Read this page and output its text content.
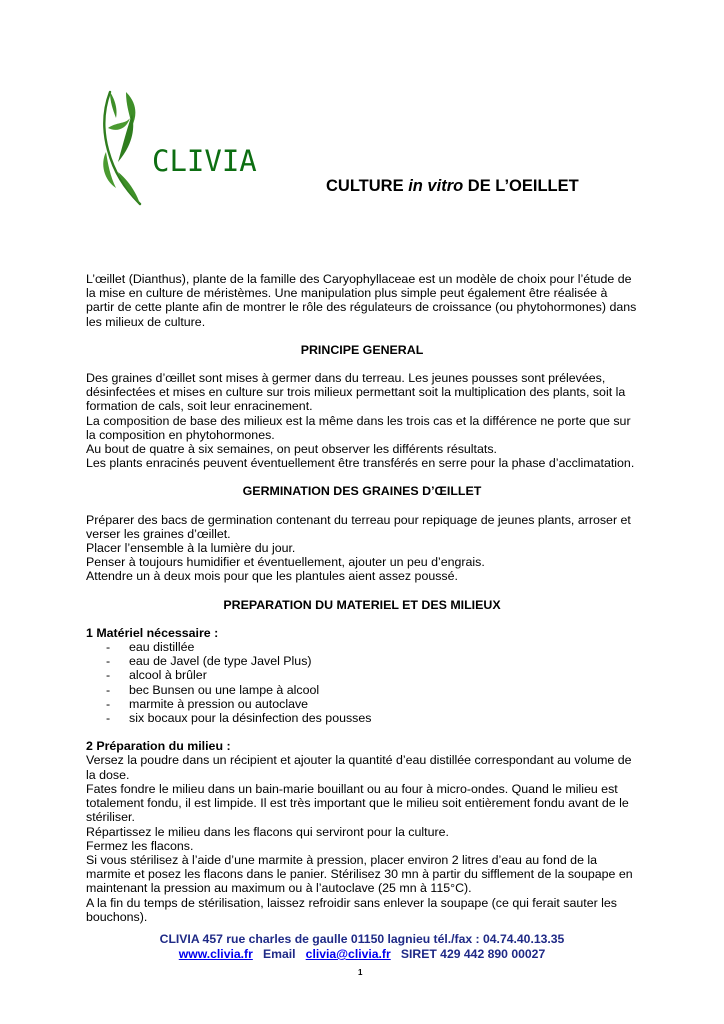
CLIVIA
CULTURE in vitro DE L’OEILLET

L’œillet (Dianthus), plante de la famille des Caryophyllaceae est un modèle de choix pour l’étude de la mise en culture de méristèmes. Une manipulation plus simple peut également être réalisée à partir de cette plante afin de montrer le rôle des régulateurs de croissance (ou phytohormones) dans les milieux de culture.

PRINCIPE GENERAL

Des graines d’œillet sont mises à germer dans du terreau. Les jeunes pousses sont prélevées, désinfectées et mises en culture sur trois milieux permettant soit la multiplication des plants, soit la formation de cals, soit leur enracinement.

La composition de base des milieux est la même dans les trois cas et la différence ne porte que sur la composition en phytohormones.

Au bout de quatre à six semaines, on peut observer les différents résultats.

Les plants enracinés peuvent éventuellement être transférés en serre pour la phase d’acclimatation.

GERMINATION DES GRAINES D’ŒILLET

Préparer des bacs de germination contenant du terreau pour repiquage de jeunes plants, arroser et verser les graines d’œillet.

Placer l’ensemble à la lumière du jour.

Penser à toujours humidifier et éventuellement, ajouter un peu d’engrais.

Attendre un à deux mois pour que les plantules aient assez poussé.

PREPARATION DU MATERIEL ET DES MILIEUX

1 Matériel nécessaire :

- eau distillée
- eau de Javel (de type Javel Plus)
- alcool à brûler
- bec Bunsen ou une lampe à alcool
- marmite à pression ou autoclave
- six bocaux pour la désinfection des pousses

2 Préparation du milieu :

Versez la poudre dans un récipient et ajouter la quantité d’eau distillée correspondant au volume de la dose.

Fates fondre le milieu dans un bain-marie bouillant ou au four à micro-ondes. Quand le milieu est totalement fondu, il est limpide. Il est très important que le milieu soit entièrement fondu avant de le stériliser.

Répartissez le milieu dans les flacons qui serviront pour la culture.

Fermez les flacons.

Si vous stérilisez à l’aide d’une marmite à pression, placer environ 2 litres d’eau au fond de la marmite et posez les flacons dans le panier. Stérilisez 30 mn à partir du sifflement de la soupape en maintenant la pression au maximum ou à l’autoclave (25 mn à 115°C).

A la fin du temps de stérilisation, laissez refroidir sans enlever la soupape (ce qui ferait sauter les bouchons).

CLIVIA 457 rue charles de gaulle 01150 lagnieu tél./fax : 04.74.40.13.35
www.clivia.fr   Email   clivia@clivia.fr   SIRET 429 442 890 00027
1
